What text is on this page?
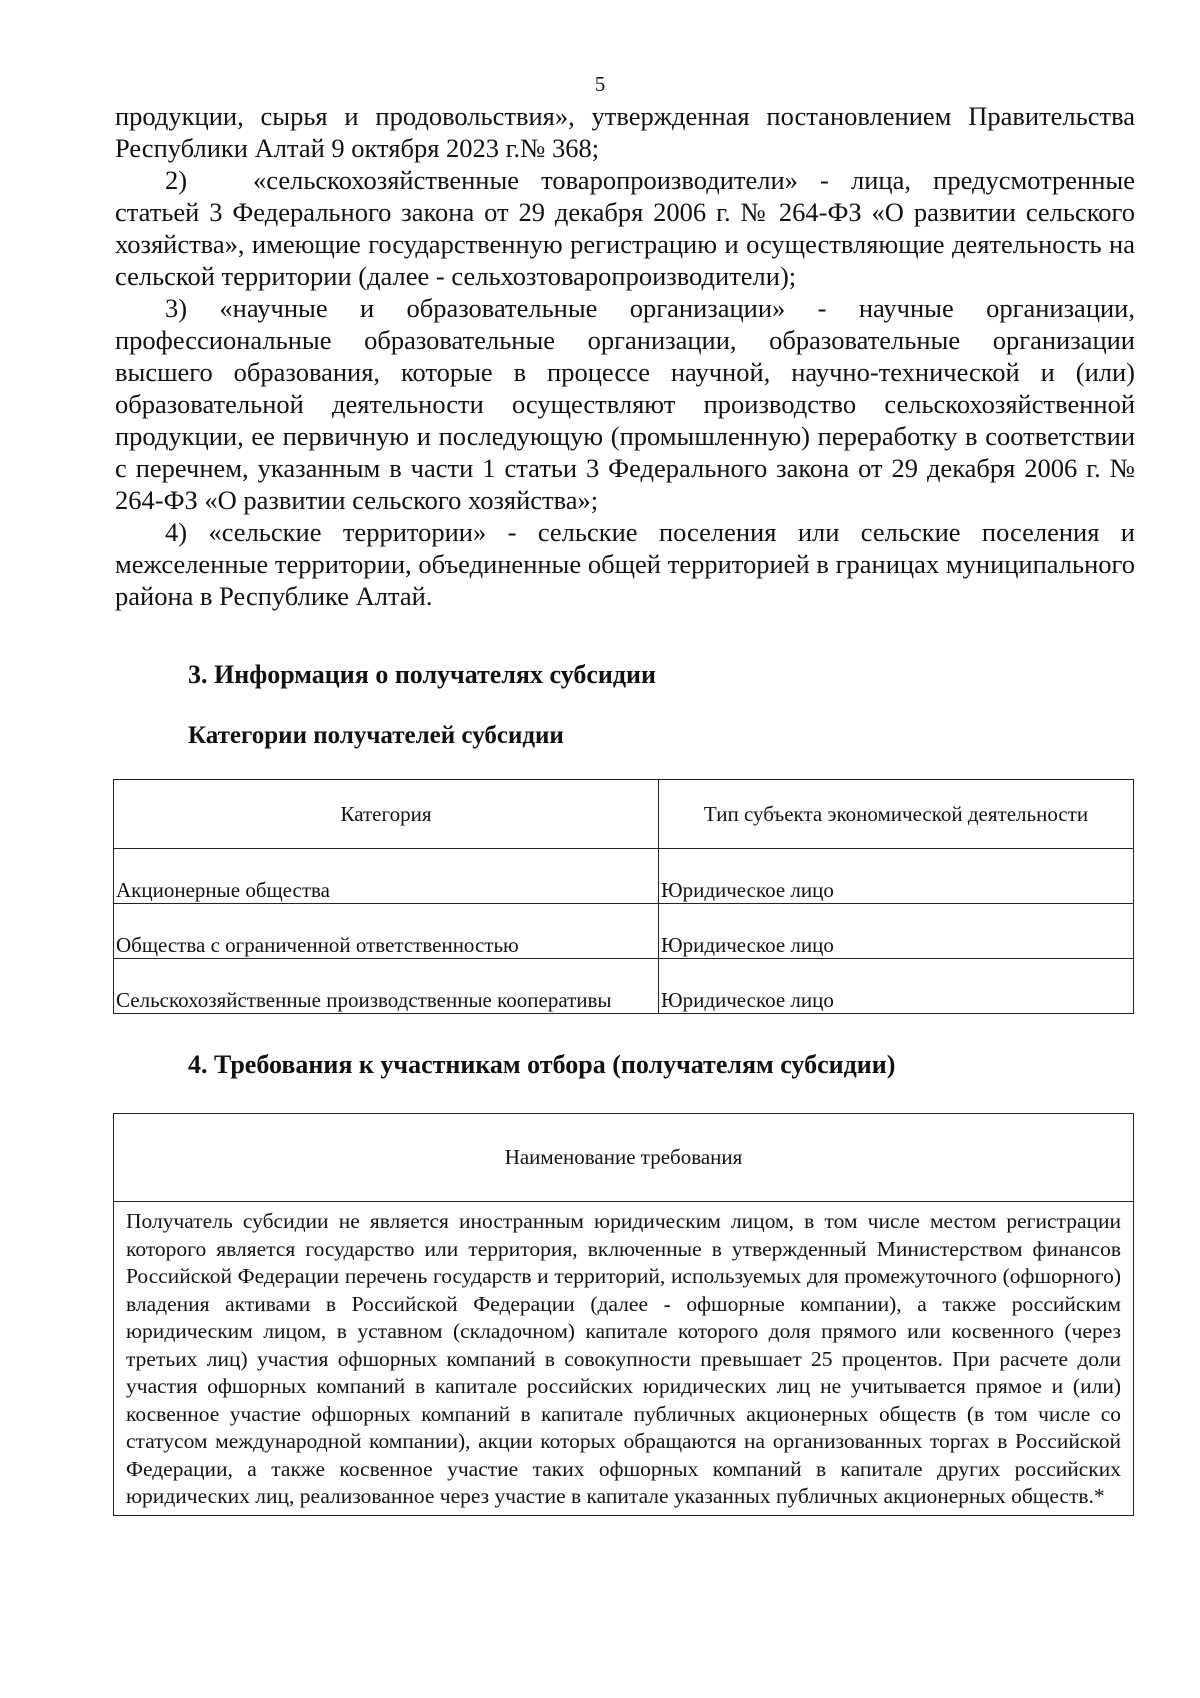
5

продукции, сырья и продовольствия», утвержденная постановлением Правительства Республики Алтай 9 октября 2023 г.№ 368;

2) «сельскохозяйственные товаропроизводители» - лица, предусмотренные статьей 3 Федерального закона от 29 декабря 2006 г. № 264-ФЗ «О развитии сельского хозяйства», имеющие государственную регистрацию и осуществляющие деятельность на сельской территории (далее - сельхозтоваропроизводители);

3) «научные и образовательные организации» - научные организации, профессиональные образовательные организации, образовательные организации высшего образования, которые в процессе научной, научно-технической и (или) образовательной деятельности осуществляют производство сельскохозяйственной продукции, ее первичную и последующую (промышленную) переработку в соответствии с перечнем, указанным в части 1 статьи 3 Федерального закона от 29 декабря 2006 г. № 264-ФЗ «О развитии сельского хозяйства»;

4) «сельские территории» - сельские поселения или сельские поселения и межселенные территории, объединенные общей территорией в границах муниципального района в Республике Алтай.

3. Информация о получателях субсидии
Категории получателей субсидии
Категория	Тип субъекта экономической деятельности
Акционерные общества	Юридическое лицо
Общества с ограниченной ответственностью	Юридическое лицо
Сельскохозяйственные производственные кооперативы	Юридическое лицо
4. Требования к участникам отбора (получателям субсидии)
Наименование требования
Получатель субсидии не является иностранным юридическим лицом, в том числе местом регистрации которого является государство или территория, включенные в утвержденный Министерством финансов Российской Федерации перечень государств и территорий, используемых для промежуточного (офшорного) владения активами в Российской Федерации (далее - офшорные компании), а также российским юридическим лицом, в уставном (складочном) капитале которого доля прямого или косвенного (через третьих лиц) участия офшорных компаний в совокупности превышает 25 процентов. При расчете доли участия офшорных компаний в капитале российских юридических лиц не учитывается прямое и (или) косвенное участие офшорных компаний в капитале публичных акционерных обществ (в том числе со статусом международной компании), акции которых обращаются на организованных торгах в Российской Федерации, а также косвенное участие таких офшорных компаний в капитале других российских юридических лиц, реализованное через участие в капитале указанных публичных акционерных обществ.*
